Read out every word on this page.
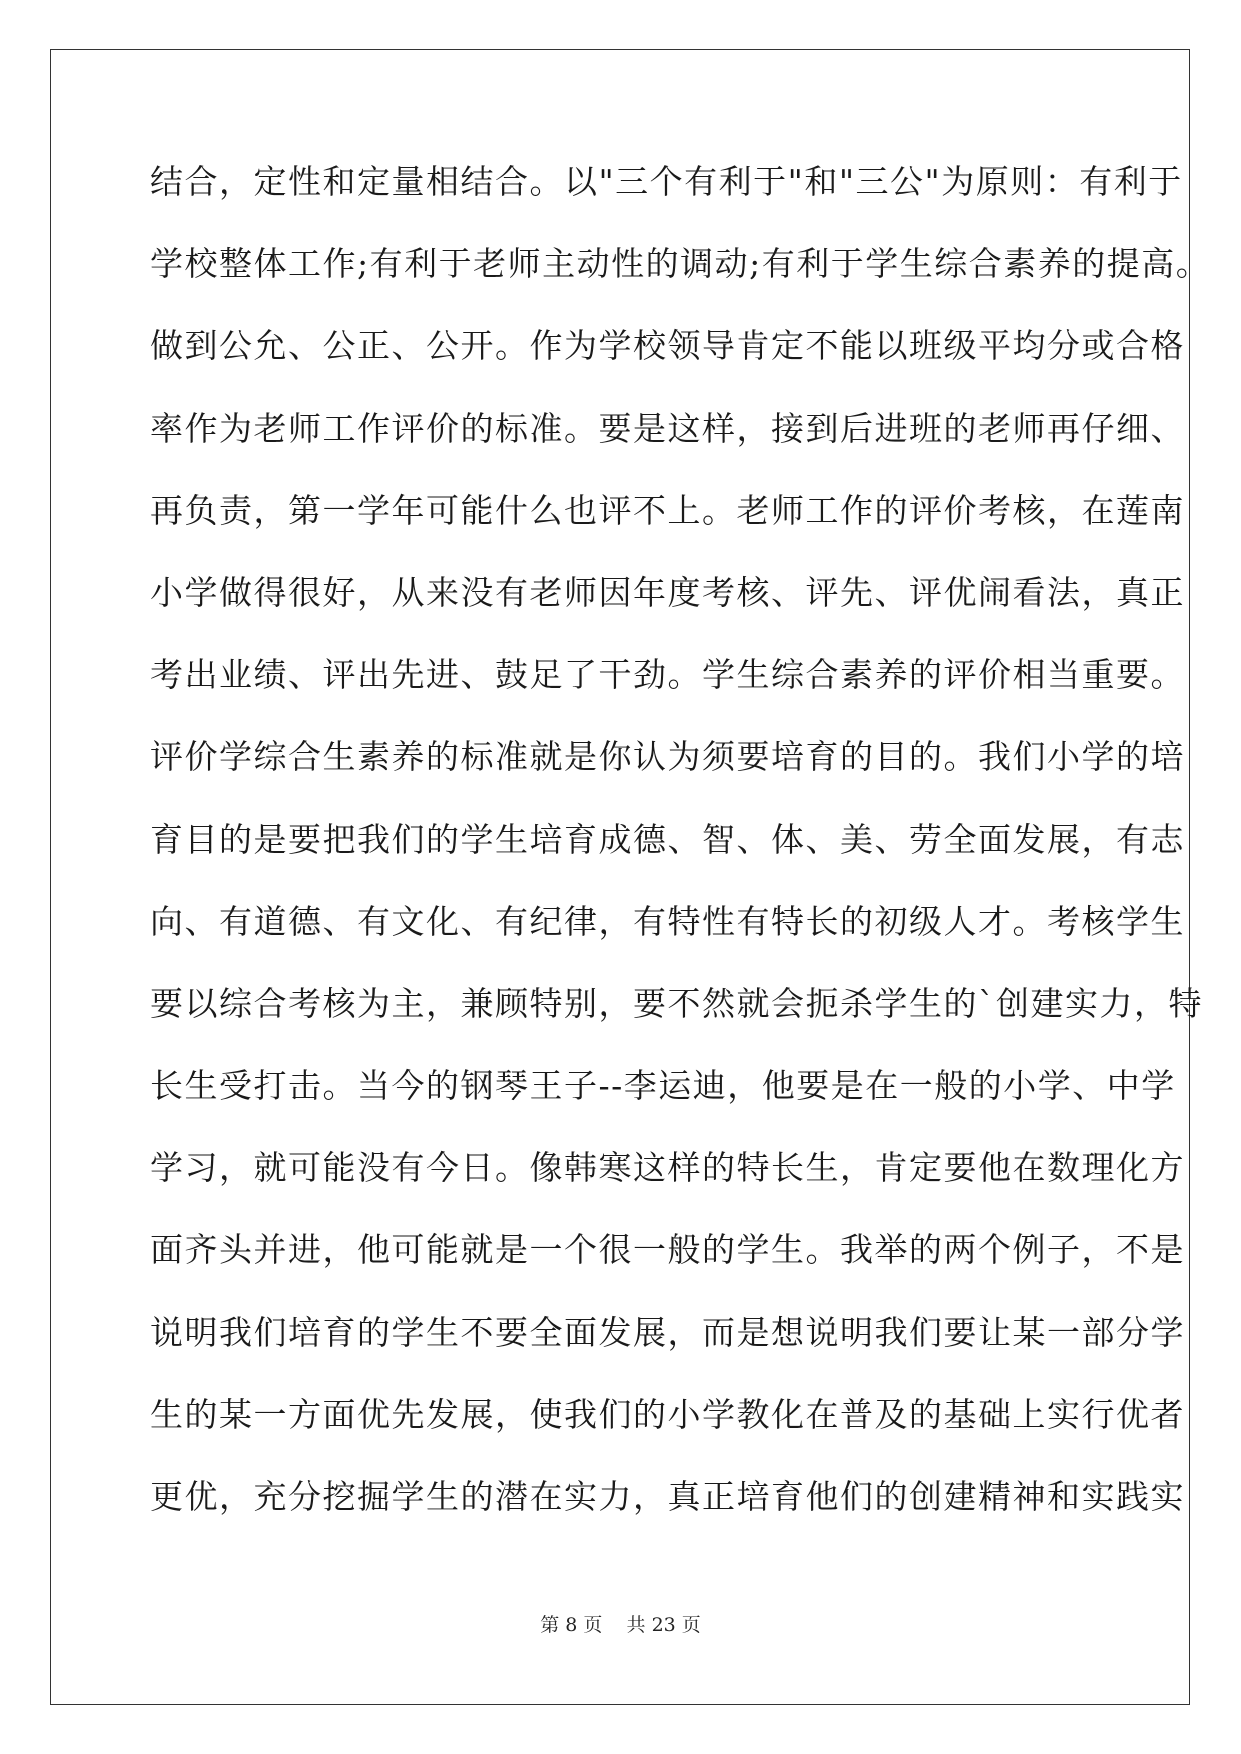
结合，定性和定量相结合。以"三个有利于"和"三公"为原则：有利于
学校整体工作;有利于老师主动性的调动;有利于学生综合素养的提高。
做到公允、公正、公开。作为学校领导肯定不能以班级平均分或合格
率作为老师工作评价的标准。要是这样，接到后进班的老师再仔细、
再负责，第一学年可能什么也评不上。老师工作的评价考核，在莲南
小学做得很好，从来没有老师因年度考核、评先、评优闹看法，真正
考出业绩、评出先进、鼓足了干劲。学生综合素养的评价相当重要。
评价学综合生素养的标准就是你认为须要培育的目的。我们小学的培
育目的是要把我们的学生培育成德、智、体、美、劳全面发展，有志
向、有道德、有文化、有纪律，有特性有特长的初级人才。考核学生
要以综合考核为主，兼顾特别，要不然就会扼杀学生的`创建实力，特
长生受打击。当今的钢琴王子--李运迪，他要是在一般的小学、中学
学习，就可能没有今日。像韩寒这样的特长生，肯定要他在数理化方
面齐头并进，他可能就是一个很一般的学生。我举的两个例子，不是
说明我们培育的学生不要全面发展，而是想说明我们要让某一部分学
生的某一方面优先发展，使我们的小学教化在普及的基础上实行优者
更优，充分挖掘学生的潜在实力，真正培育他们的创建精神和实践实
第 8 页 共 23 页
